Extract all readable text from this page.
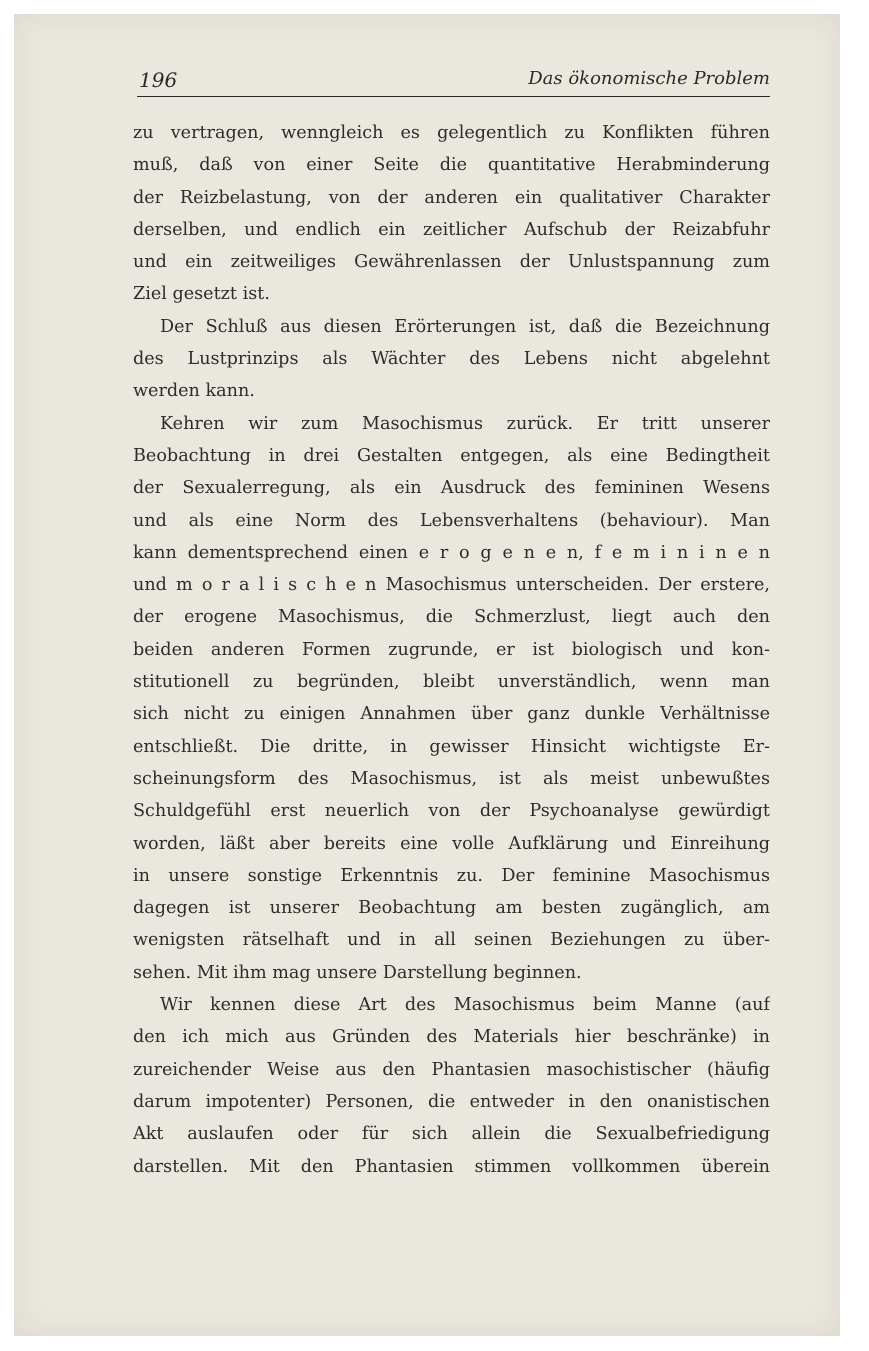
196	Das ökonomische Problem
zu vertragen, wenngleich es gelegentlich zu Konflikten führen
muß, daß von einer Seite die quantitative Herabminderung
der Reizbelastung, von der anderen ein qualitativer Charakter
derselben, und endlich ein zeitlicher Aufschub der Reizabfuhr
und ein zeitweiliges Gewährenlassen der Unlustspannung zum
Ziel gesetzt ist.
Der Schluß aus diesen Erörterungen ist, daß die Bezeichnung
des Lustprinzips als Wächter des Lebens nicht abgelehnt
werden kann.
Kehren wir zum Masochismus zurück. Er tritt unserer
Beobachtung in drei Gestalten entgegen, als eine Bedingtheit
der Sexualerregung, als ein Ausdruck des femininen Wesens
und als eine Norm des Lebensverhaltens (behaviour). Man
kann dementsprechend einen e r o g e n e n, f e m i n i n e n
und m o r a l i s c h e n Masochismus unterscheiden. Der erstere,
der erogene Masochismus, die Schmerzlust, liegt auch den
beiden anderen Formen zugrunde, er ist biologisch und kon-
stitutionell zu begründen, bleibt unverständlich, wenn man
sich nicht zu einigen Annahmen über ganz dunkle Verhältnisse
entschließt. Die dritte, in gewisser Hinsicht wichtigste Er-
scheinungsform des Masochismus, ist als meist unbewußtes
Schuldgefühl erst neuerlich von der Psychoanalyse gewürdigt
worden, läßt aber bereits eine volle Aufklärung und Einreihung
in unsere sonstige Erkenntnis zu. Der feminine Masochismus
dagegen ist unserer Beobachtung am besten zugänglich, am
wenigsten rätselhaft und in all seinen Beziehungen zu über-
sehen. Mit ihm mag unsere Darstellung beginnen.
Wir kennen diese Art des Masochismus beim Manne (auf
den ich mich aus Gründen des Materials hier beschränke) in
zureichender Weise aus den Phantasien masochistischer (häufig
darum impotenter) Personen, die entweder in den onanistischen
Akt auslaufen oder für sich allein die Sexualbefriedigung
darstellen. Mit den Phantasien stimmen vollkommen überein
